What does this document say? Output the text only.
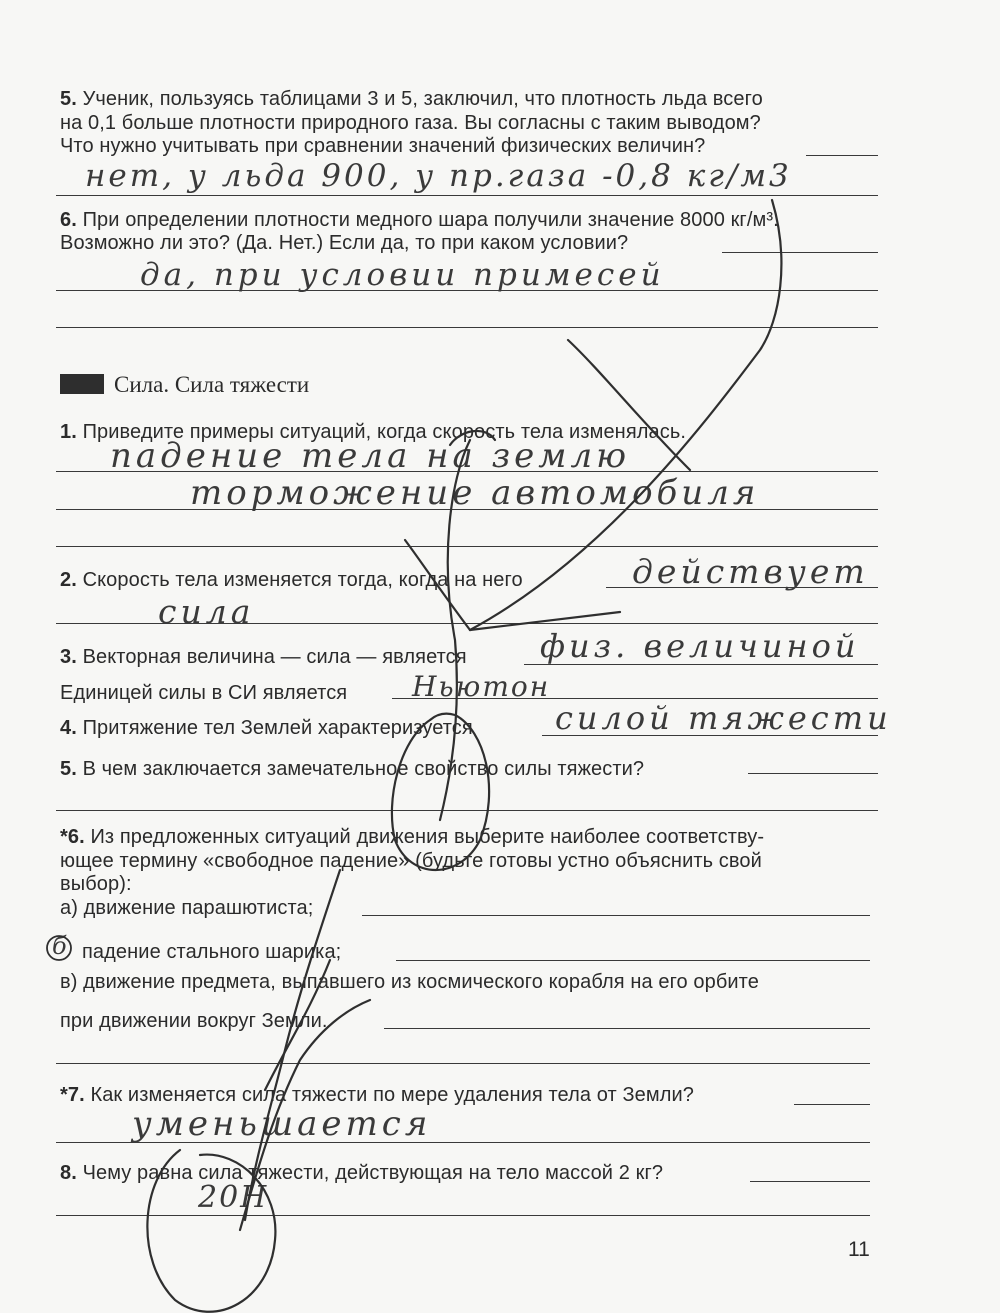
5. Ученик, пользуясь таблицами 3 и 5, заключил, что плотность льда всего
на 0,1 больше плотности природного газа. Вы согласны с таким выводом?
Что нужно учитывать при сравнении значений физических величин?
нет, у льда 900, у пр.газа -0,8 кг/м3
6. При определении плотности медного шара получили значение 8000 кг/м³.
Возможно ли это? (Да. Нет.) Если да, то при каком условии?
да, при условии примесей
Сила. Сила тяжести
1. Приведите примеры ситуаций, когда скорость тела изменялась.
падение тела на землю
торможение автомобиля
2. Скорость тела изменяется тогда, когда на него	действует
сила
3. Векторная величина — сила — является физ. величиной
Единицей силы в СИ является Ньютон
4. Притяжение тел Землей характеризуется	силой тяжести
5. В чем заключается замечательное свойство силы тяжести?
*6. Из предложенных ситуаций движения выберите наиболее соответству-
ющее термину «свободное падение» (будьте готовы устно объяснить свой
выбор):
а) движение парашютиста;
б падение стального шарика;
в) движение предмета, выпавшего из космического корабля на его орбите
при движении вокруг Земли.
*7. Как изменяется сила тяжести по мере удаления тела от Земли?
уменьшается
8. Чему равна сила тяжести, действующая на тело массой 2 кг?
20Н
11
